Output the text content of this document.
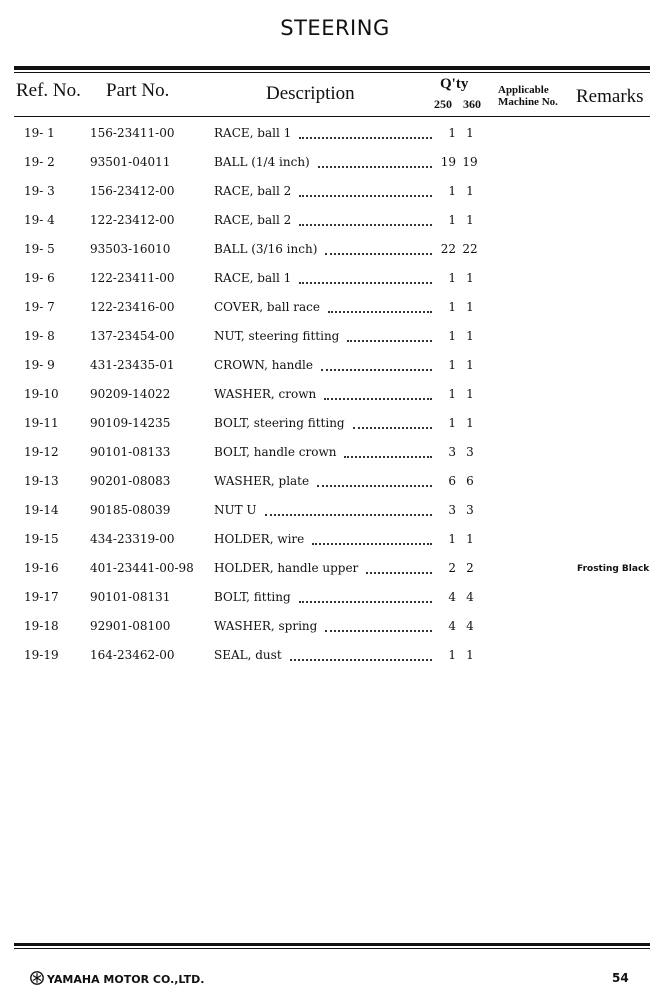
STEERING
Ref. No. Part No.	Description	Q'ty
250 360
Applicable
Machine No. Remarks
19- 1	156-23411-00	RACE, ball 1	1 1
19- 2	93501-04011	BALL (1/4 inch)	19 19
19- 3	156-23412-00	RACE, ball 2	1 1
19- 4	122-23412-00	RACE, ball 2	1 1
19- 5	93503-16010	BALL (3/16 inch)	22 22
19- 6	122-23411-00	RACE, ball 1	1 1
19- 7	122-23416-00	COVER, ball race	1 1
19- 8	137-23454-00	NUT, steering fitting	1 1
19- 9	431-23435-01	CROWN, handle	1 1
19-10	90209-14022	WASHER, crown	1 1
19-11	90109-14235	BOLT, steering fitting	1 1
19-12	90101-08133	BOLT, handle crown	3 3
19-13	90201-08083	WASHER, plate	6 6
19-14	90185-08039	NUT U	3 3
19-15	434-23319-00	HOLDER, wire	1 1
19-16	401-23441-00-98 HOLDER, handle upper	2 2	Frosting Black
19-17	90101-08131	BOLT, fitting	4 4
19-18	92901-08100	WASHER, spring	4 4
19-19	164-23462-00	SEAL, dust	1 1
YAMAHA MOTOR CO.,LTD.	54
